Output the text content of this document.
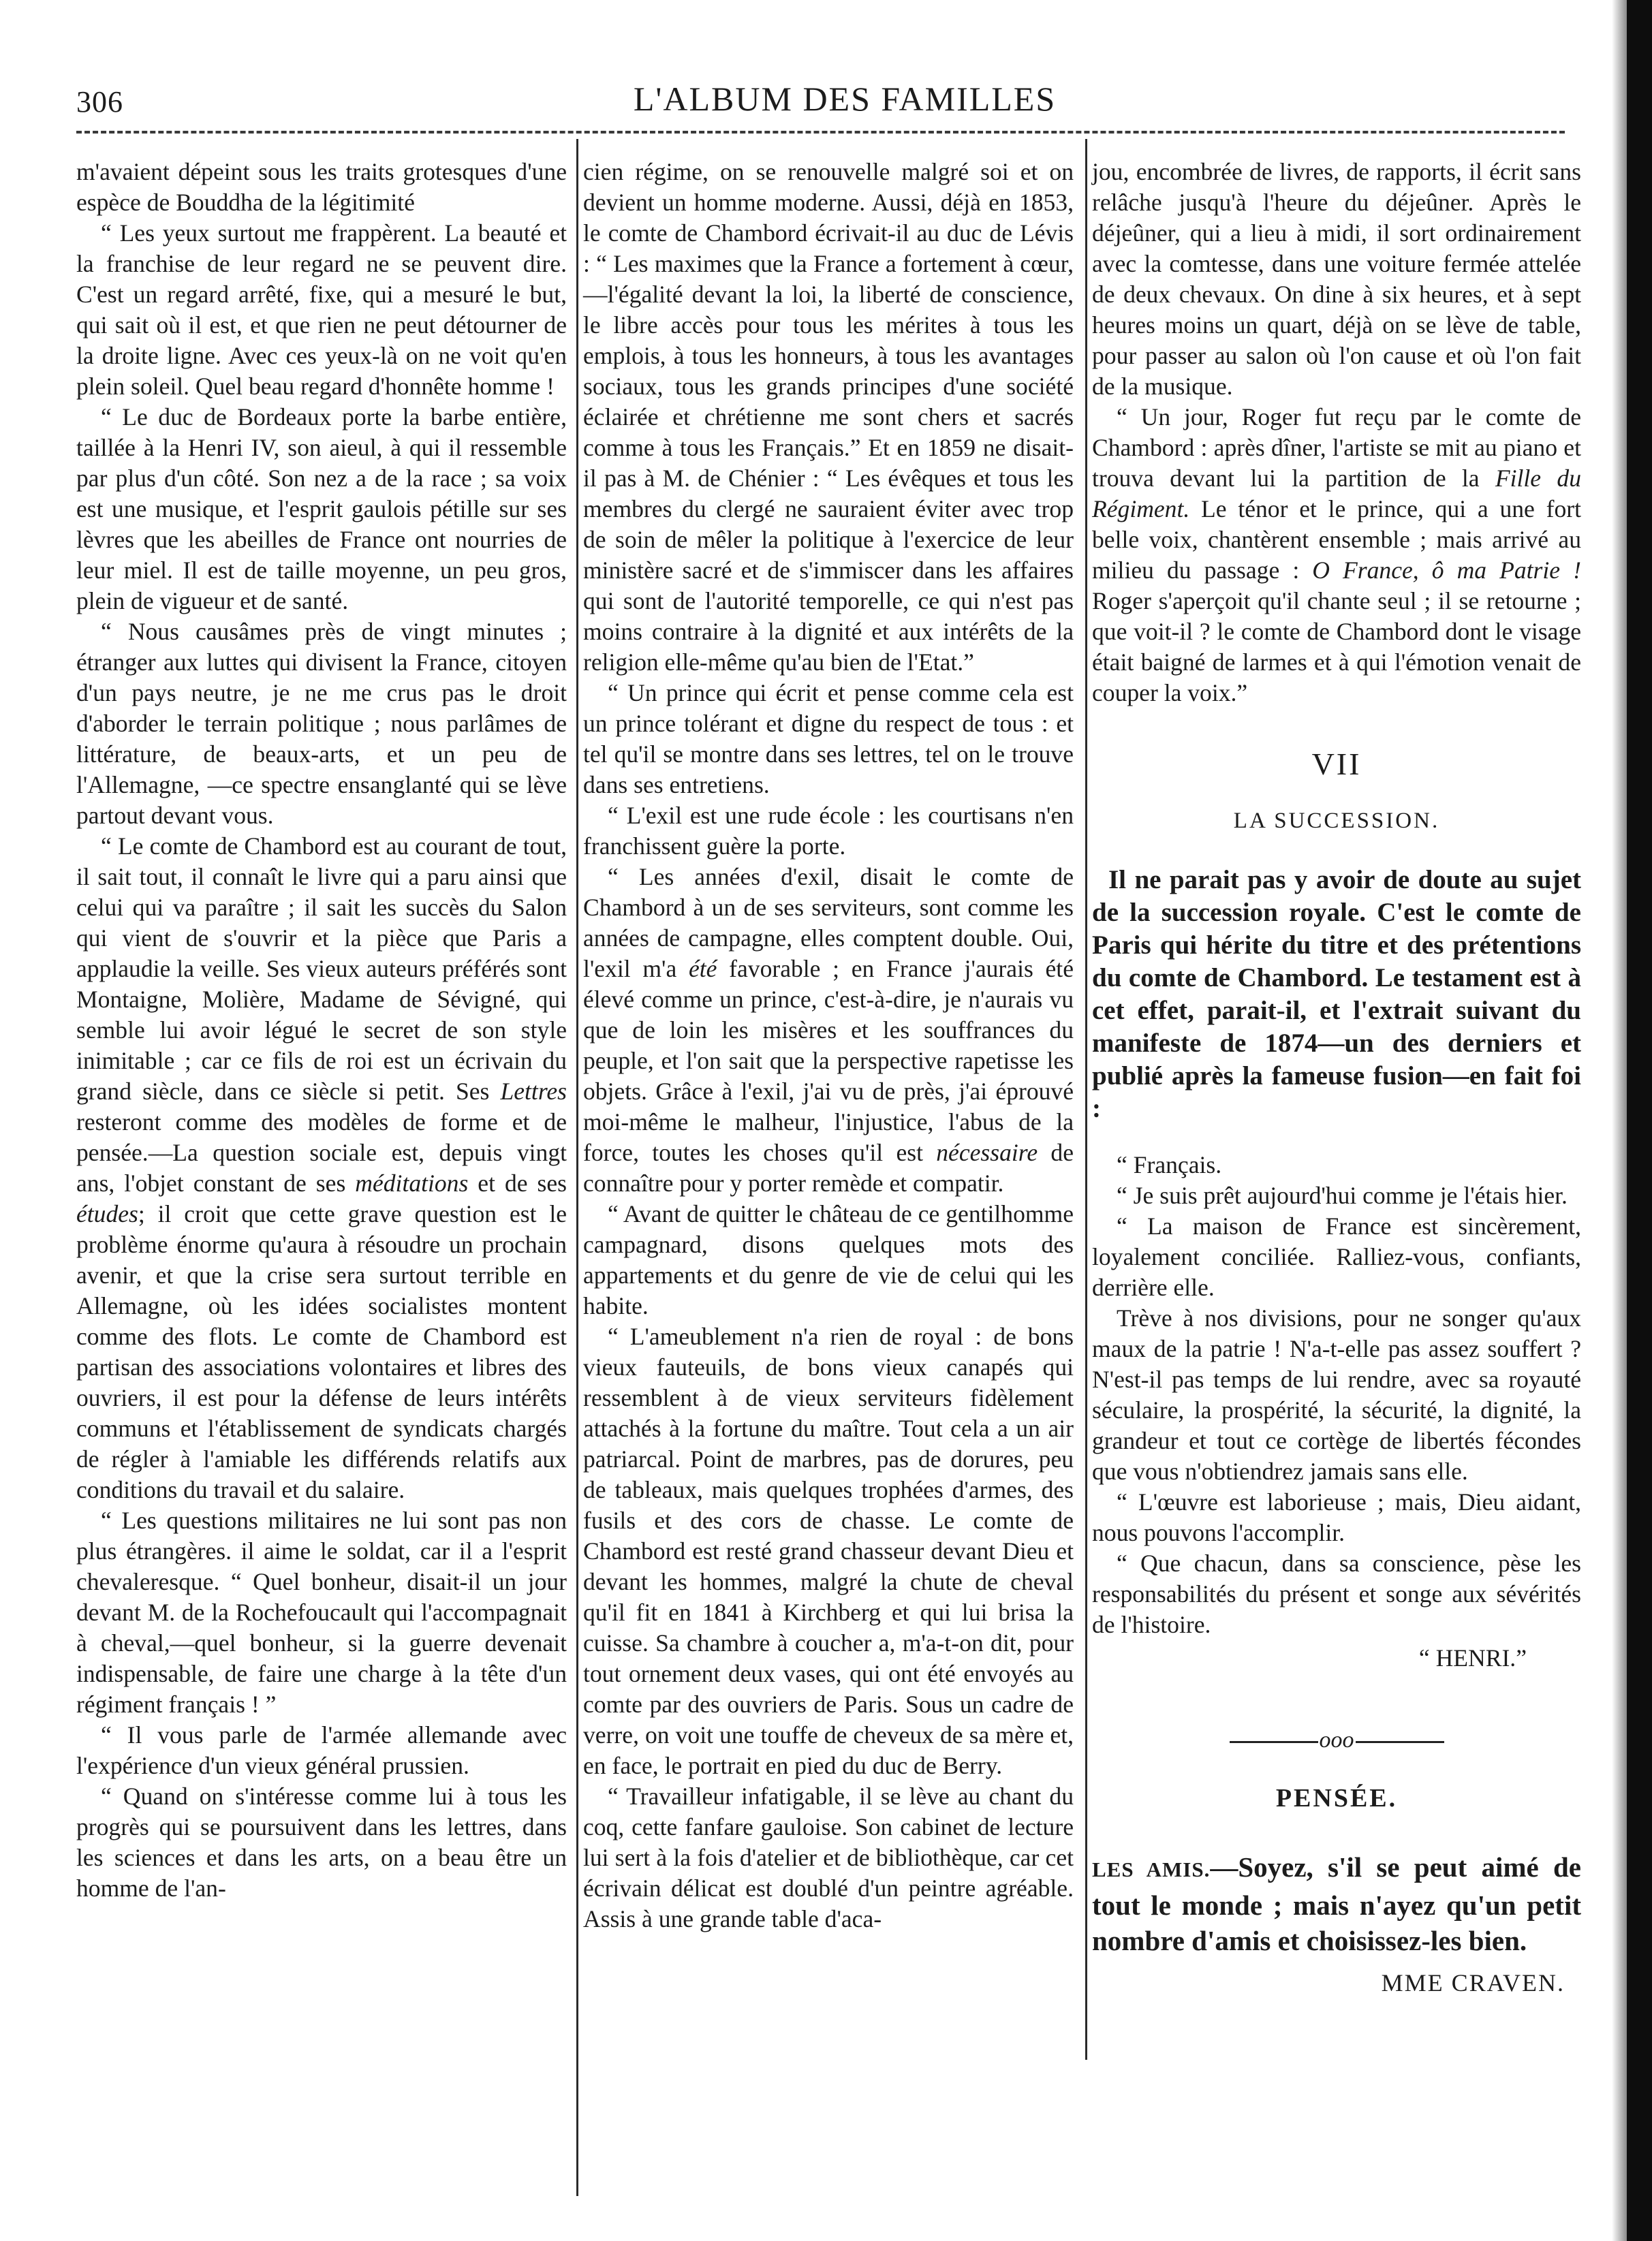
306	L'ALBUM DES FAMILLES

m'avaient dépeint sous les traits grotesques d'une espèce de Bouddha de la légitimité

“ Les yeux surtout me frappèrent. La beauté et la franchise de leur regard ne se peuvent dire. C'est un regard arrêté, fixe, qui a mesuré le but, qui sait où il est, et que rien ne peut détourner de la droite ligne. Avec ces yeux-là on ne voit qu'en plein soleil. Quel beau regard d'honnête homme !

“ Le duc de Bordeaux porte la barbe entière, taillée à la Henri IV, son aieul, à qui il ressemble par plus d'un côté. Son nez a de la race ; sa voix est une musique, et l'esprit gaulois pétille sur ses lèvres que les abeilles de France ont nourries de leur miel. Il est de taille moyenne, un peu gros, plein de vigueur et de santé.

“ Nous causâmes près de vingt minutes ; étranger aux luttes qui divisent la France, citoyen d'un pays neutre, je ne me crus pas le droit d'aborder le terrain politique ; nous parlâmes de littérature, de beaux-arts, et un peu de l'Allemagne, —ce spectre ensanglanté qui se lève partout devant vous.

“ Le comte de Chambord est au courant de tout, il sait tout, il connaît le livre qui a paru ainsi que celui qui va paraître ; il sait les succès du Salon qui vient de s'ouvrir et la pièce que Paris a applaudie la veille. Ses vieux auteurs préférés sont Montaigne, Molière, Madame de Sévigné, qui semble lui avoir légué le secret de son style inimitable ; car ce fils de roi est un écrivain du grand siècle, dans ce siècle si petit. Ses Lettres resteront comme des modèles de forme et de pensée.—La question sociale est, depuis vingt ans, l'objet constant de ses méditations et de ses études; il croit que cette grave question est le problème énorme qu'aura à résoudre un prochain avenir, et que la crise sera surtout terrible en Allemagne, où les idées socialistes montent comme des flots. Le comte de Chambord est partisan des associations volontaires et libres des ouvriers, il est pour la défense de leurs intérêts communs et l'établissement de syndicats chargés de régler à l'amiable les différends relatifs aux conditions du travail et du salaire.

“ Les questions militaires ne lui sont pas non plus étrangères. il aime le soldat, car il a l'esprit chevaleresque. “ Quel bonheur, disait-il un jour devant M. de la Rochefoucault qui l'accompagnait à cheval,—quel bonheur, si la guerre devenait indispensable, de faire une charge à la tête d'un régiment français ! ”

“ Il vous parle de l'armée allemande avec l'expérience d'un vieux général prussien.

“ Quand on s'intéresse comme lui à tous les progrès qui se poursuivent dans les lettres, dans les sciences et dans les arts, on a beau être un homme de l'an-

cien régime, on se renouvelle malgré soi et on devient un homme moderne. Aussi, déjà en 1853, le comte de Chambord écrivait-il au duc de Lévis : “ Les maximes que la France a fortement à cœur,—l'égalité devant la loi, la liberté de conscience, le libre accès pour tous les mérites à tous les emplois, à tous les honneurs, à tous les avantages sociaux, tous les grands principes d'une société éclairée et chrétienne me sont chers et sacrés comme à tous les Français.” Et en 1859 ne disait-il pas à M. de Chénier : “ Les évêques et tous les membres du clergé ne sauraient éviter avec trop de soin de mêler la politique à l'exercice de leur ministère sacré et de s'immiscer dans les affaires qui sont de l'autorité temporelle, ce qui n'est pas moins contraire à la dignité et aux intérêts de la religion elle-même qu'au bien de l'Etat.”

“ Un prince qui écrit et pense comme cela est un prince tolérant et digne du respect de tous : et tel qu'il se montre dans ses lettres, tel on le trouve dans ses entretiens.

“ L'exil est une rude école : les courtisans n'en franchissent guère la porte.

“ Les années d'exil, disait le comte de Chambord à un de ses serviteurs, sont comme les années de campagne, elles comptent double. Oui, l'exil m'a été favorable ; en France j'aurais été élevé comme un prince, c'est-à-dire, je n'aurais vu que de loin les misères et les souffrances du peuple, et l'on sait que la perspective rapetisse les objets. Grâce à l'exil, j'ai vu de près, j'ai éprouvé moi-même le malheur, l'injustice, l'abus de la force, toutes les choses qu'il est nécessaire de connaître pour y porter remède et compatir.

“ Avant de quitter le château de ce gentilhomme campagnard, disons quelques mots des appartements et du genre de vie de celui qui les habite.

“ L'ameublement n'a rien de royal : de bons vieux fauteuils, de bons vieux canapés qui ressemblent à de vieux serviteurs fidèlement attachés à la fortune du maître. Tout cela a un air patriarcal. Point de marbres, pas de dorures, peu de tableaux, mais quelques trophées d'armes, des fusils et des cors de chasse. Le comte de Chambord est resté grand chasseur devant Dieu et devant les hommes, malgré la chute de cheval qu'il fit en 1841 à Kirchberg et qui lui brisa la cuisse. Sa chambre à coucher a, m'a-t-on dit, pour tout ornement deux vases, qui ont été envoyés au comte par des ouvriers de Paris. Sous un cadre de verre, on voit une touffe de cheveux de sa mère et, en face, le portrait en pied du duc de Berry.

“ Travailleur infatigable, il se lève au chant du coq, cette fanfare gauloise. Son cabinet de lecture lui sert à la fois d'atelier et de bibliothèque, car cet écrivain délicat est doublé d'un peintre agréable. Assis à une grande table d'aca-

jou, encombrée de livres, de rapports, il écrit sans relâche jusqu'à l'heure du déjeûner. Après le déjeûner, qui a lieu à midi, il sort ordinairement avec la comtesse, dans une voiture fermée attelée de deux chevaux. On dine à six heures, et à sept heures moins un quart, déjà on se lève de table, pour passer au salon où l'on cause et où l'on fait de la musique.

“ Un jour, Roger fut reçu par le comte de Chambord : après dîner, l'artiste se mit au piano et trouva devant lui la partition de la Fille du Régiment. Le ténor et le prince, qui a une fort belle voix, chantèrent ensemble ; mais arrivé au milieu du passage : O France, ô ma Patrie ! Roger s'aperçoit qu'il chante seul ; il se retourne ; que voit-il ? le comte de Chambord dont le visage était baigné de larmes et à qui l'émotion venait de couper la voix.”

VII
LA SUCCESSION.

Il ne parait pas y avoir de doute au sujet de la succession royale. C'est le comte de Paris qui hérite du titre et des prétentions du comte de Chambord. Le testament est à cet effet, parait-il, et l'extrait suivant du manifeste de 1874—un des derniers et publié après la fameuse fusion—en fait foi :

“ Français.

“ Je suis prêt aujourd'hui comme je l'étais hier.

“ La maison de France est sincèrement, loyalement conciliée. Ralliez-vous, confiants, derrière elle.

Trève à nos divisions, pour ne songer qu'aux maux de la patrie ! N'a-t-elle pas assez souffert ? N'est-il pas temps de lui rendre, avec sa royauté séculaire, la prospérité, la sécurité, la dignité, la grandeur et tout ce cortège de libertés fécondes que vous n'obtiendrez jamais sans elle.

“ L'œuvre est laborieuse ; mais, Dieu aidant, nous pouvons l'accomplir.

“ Que chacun, dans sa conscience, pèse les responsabilités du présent et songe aux sévérités de l'histoire.

“ HENRI.”
ooo
PENSÉE.

LES AMIS.—Soyez, s'il se peut aimé de tout le monde ; mais n'ayez qu'un petit nombre d'amis et choisissez-les bien.

MME CRAVEN.
